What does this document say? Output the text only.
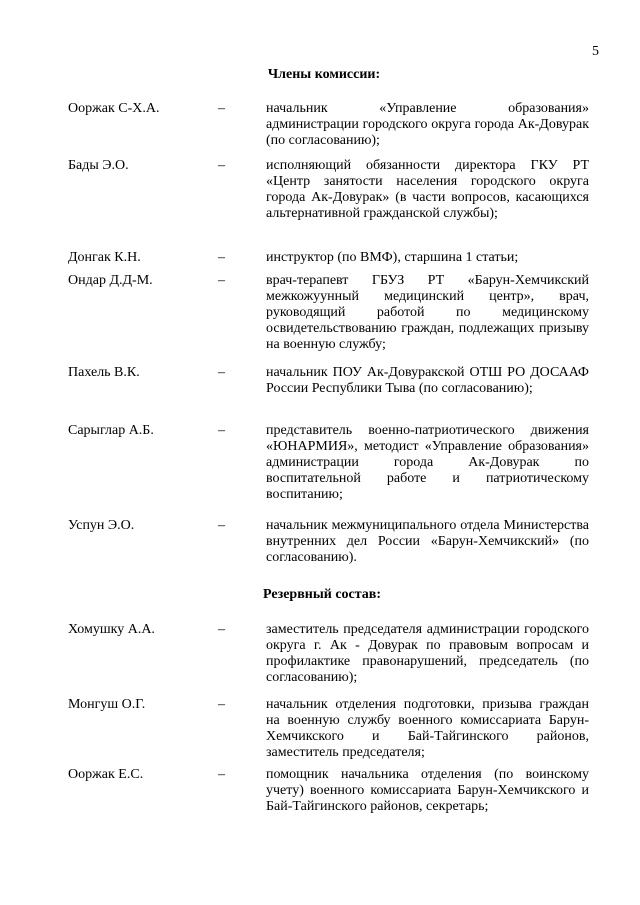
5
Члены комиссии:
Ооржак С-Х.А.	–	начальник «Управление образования» администрации городского округа города Ак-Довурак (по согласованию);
Бады Э.О.	–	исполняющий обязанности директора ГКУ РТ «Центр занятости населения городского округа города Ак-Довурак» (в части вопросов, касающихся альтернативной гражданской службы);
Донгак К.Н.	–	инструктор (по ВМФ), старшина 1 статьи;
Ондар Д.Д-М.	–	врач-терапевт ГБУЗ РТ «Барун-Хемчикский межкожуунный медицинский центр», врач, руководящий работой по медицинскому освидетельствованию граждан, подлежащих призыву на военную службу;
Пахель В.К.	–	начальник ПОУ Ак-Довуракской ОТШ РО ДОСААФ России Республики Тыва (по согласованию);
Сарыглар А.Б.	–	представитель военно-патриотического движения «ЮНАРМИЯ», методист «Управление образования» администрации города Ак-Довурак по воспитательной работе и патриотическому воспитанию;
Успун Э.О.	–	начальник межмуниципального отдела Министерства внутренних дел России «Барун-Хемчикский» (по согласованию).
Резервный состав:
Хомушку А.А.	–	заместитель председателя администрации городского округа г. Ак - Довурак по правовым вопросам и профилактике правонарушений, председатель (по согласованию);
Монгуш О.Г.	–	начальник отделения подготовки, призыва граждан на военную службу военного комиссариата Барун-Хемчикского и Бай-Тайгинского районов, заместитель председателя;
Ооржак Е.С.	–	помощник начальника отделения (по воинскому учету) военного комиссариата Барун-Хемчикского и Бай-Тайгинского районов, секретарь;
